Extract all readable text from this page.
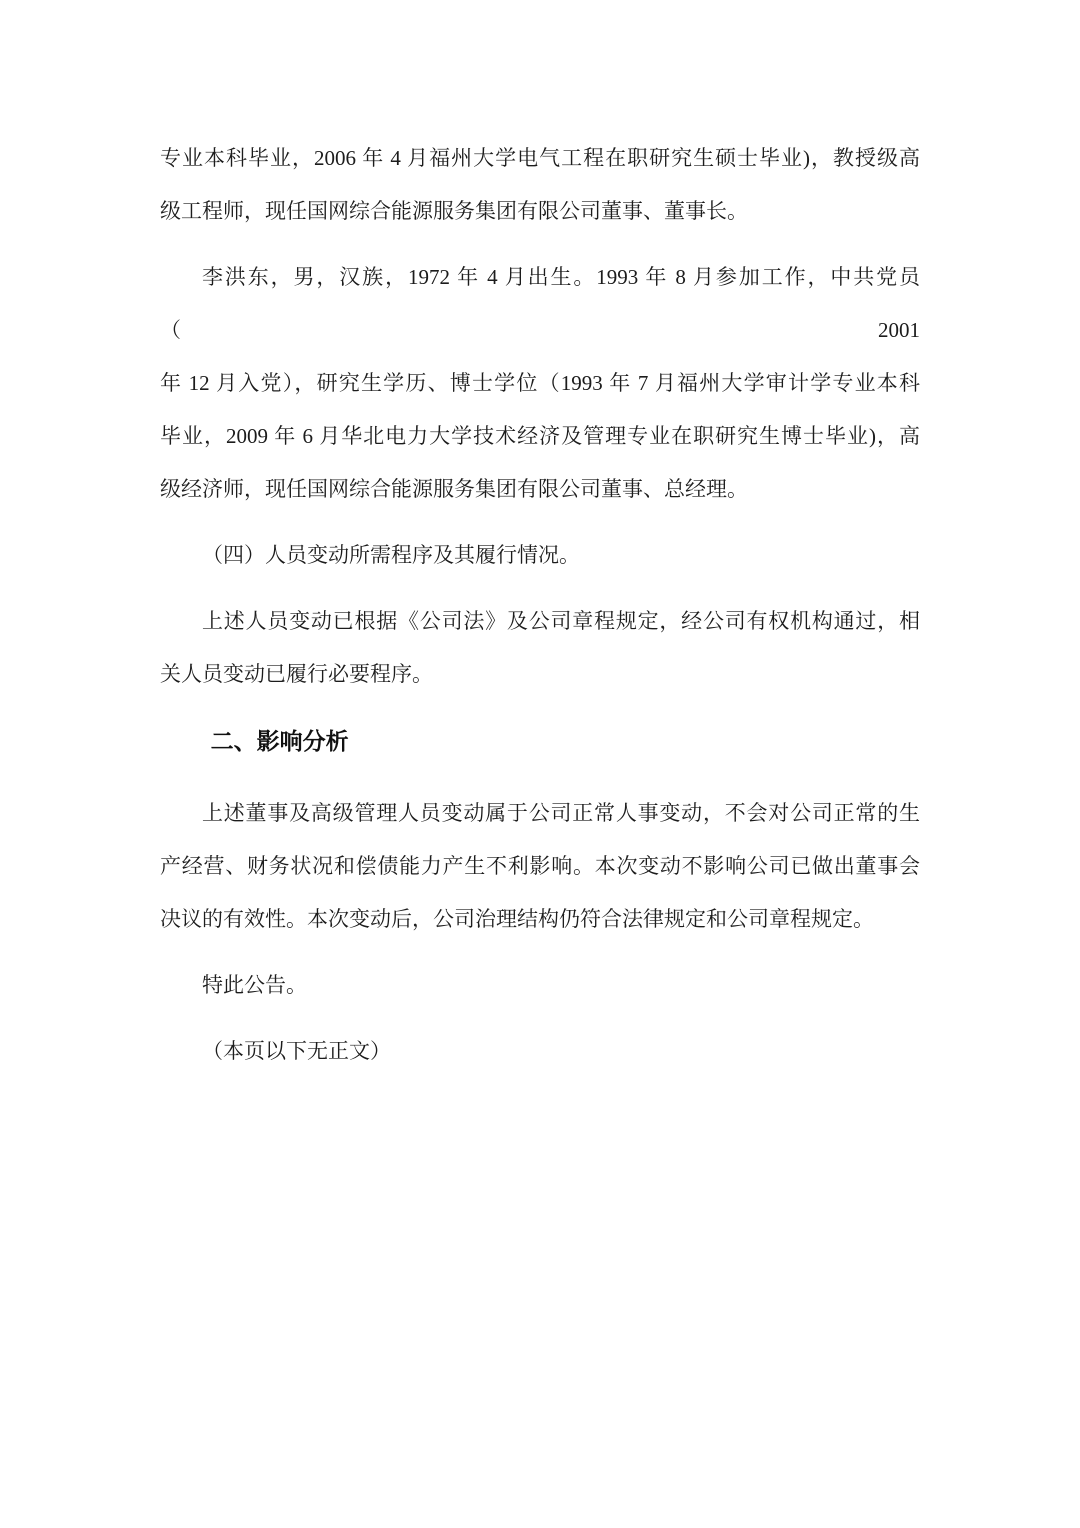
专业本科毕业，2006 年 4 月福州大学电气工程在职研究生硕士毕业)，教授级高
级工程师，现任国网综合能源服务集团有限公司董事、董事长。
李洪东，男，汉族，1972 年 4 月出生。1993 年 8 月参加工作，中共党员（2001
年 12 月入党），研究生学历、博士学位（1993 年 7 月福州大学审计学专业本科
毕业，2009 年 6 月华北电力大学技术经济及管理专业在职研究生博士毕业)，高
级经济师，现任国网综合能源服务集团有限公司董事、总经理。
（四）人员变动所需程序及其履行情况。
上述人员变动已根据《公司法》及公司章程规定，经公司有权机构通过，相
关人员变动已履行必要程序。
二、影响分析
上述董事及高级管理人员变动属于公司正常人事变动，不会对公司正常的生
产经营、财务状况和偿债能力产生不利影响。本次变动不影响公司已做出董事会
决议的有效性。本次变动后，公司治理结构仍符合法律规定和公司章程规定。
特此公告。
（本页以下无正文）
